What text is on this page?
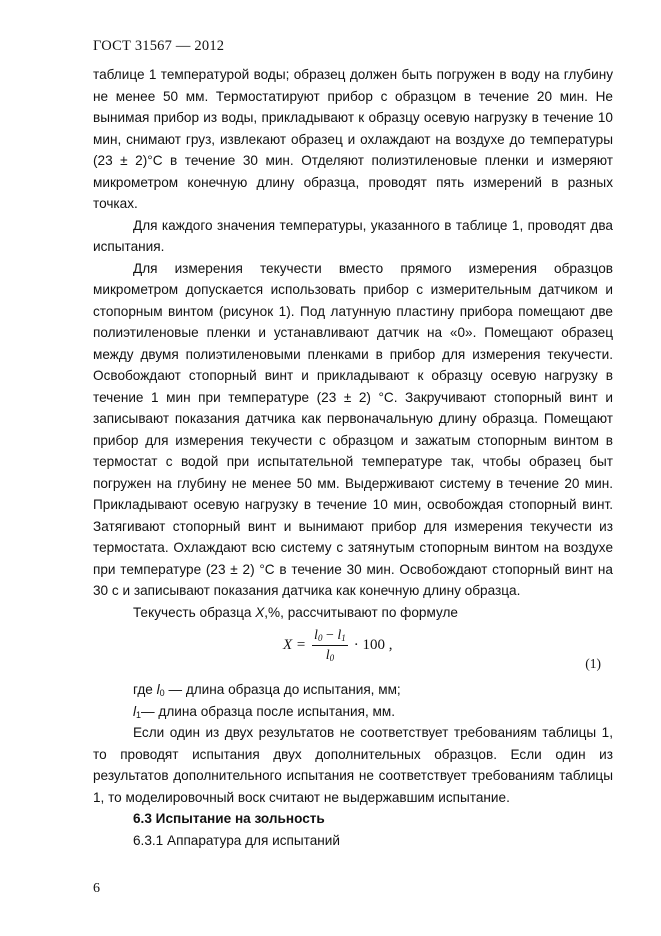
ГОСТ 31567 — 2012

таблице 1 температурой воды; образец должен быть погружен в воду на глубину не менее 50 мм. Термостатируют прибор с образцом в течение 20 мин. Не вынимая прибор из воды, прикладывают к образцу осевую нагрузку в течение 10 мин, снимают груз, извлекают образец и охлаждают на воздухе до температуры (23 ± 2)°С в течение 30 мин. Отделяют полиэтиленовые пленки и измеряют микрометром конечную длину образца, проводят пять измерений в разных точках.

Для каждого значения температуры, указанного в таблице 1, проводят два испытания.

Для измерения текучести вместо прямого измерения образцов микрометром допускается использовать прибор с измерительным датчиком и стопорным винтом (рисунок 1). Под латунную пластину прибора помещают две полиэтиленовые пленки и устанавливают датчик на «0». Помещают образец между двумя полиэтиленовыми пленками в прибор для измерения текучести. Освобождают стопорный винт и прикладывают к образцу осевую нагрузку в течение 1 мин при температуре (23 ± 2) °С. Закручивают стопорный винт и записывают показания датчика как первоначальную длину образца. Помещают прибор для измерения текучести с образцом и зажатым стопорным винтом в термостат с водой при испытательной температуре так, чтобы образец быт погружен на глубину не менее 50 мм. Выдерживают систему в течение 20 мин. Прикладывают осевую нагрузку в течение 10 мин, освобождая стопорный винт. Затягивают стопорный винт и вынимают прибор для измерения текучести из термостата. Охлаждают всю систему с затянутым стопорным винтом на воздухе при температуре (23 ± 2) °С в течение 30 мин. Освобождают стопорный винт на 30 с и записывают показания датчика как конечную длину образца.

Текучесть образца X,%, рассчитывают по формуле

$X = \frac{l_0 - l_1}{l_0} \cdot 100$ ,
(1)

где $l_0$ — длина образца до испытания, мм;

$l_1—$ длина образца после испытания, мм.

Если один из двух результатов не соответствует требованиям таблицы 1, то проводят испытания двух дополнительных образцов. Если один из результатов дополнительного испытания не соответствует требованиям таблицы 1, то моделировочный воск считают не выдержавшим испытание.

6.3 Испытание на зольность

6.3.1 Аппаратура для испытаний

6
